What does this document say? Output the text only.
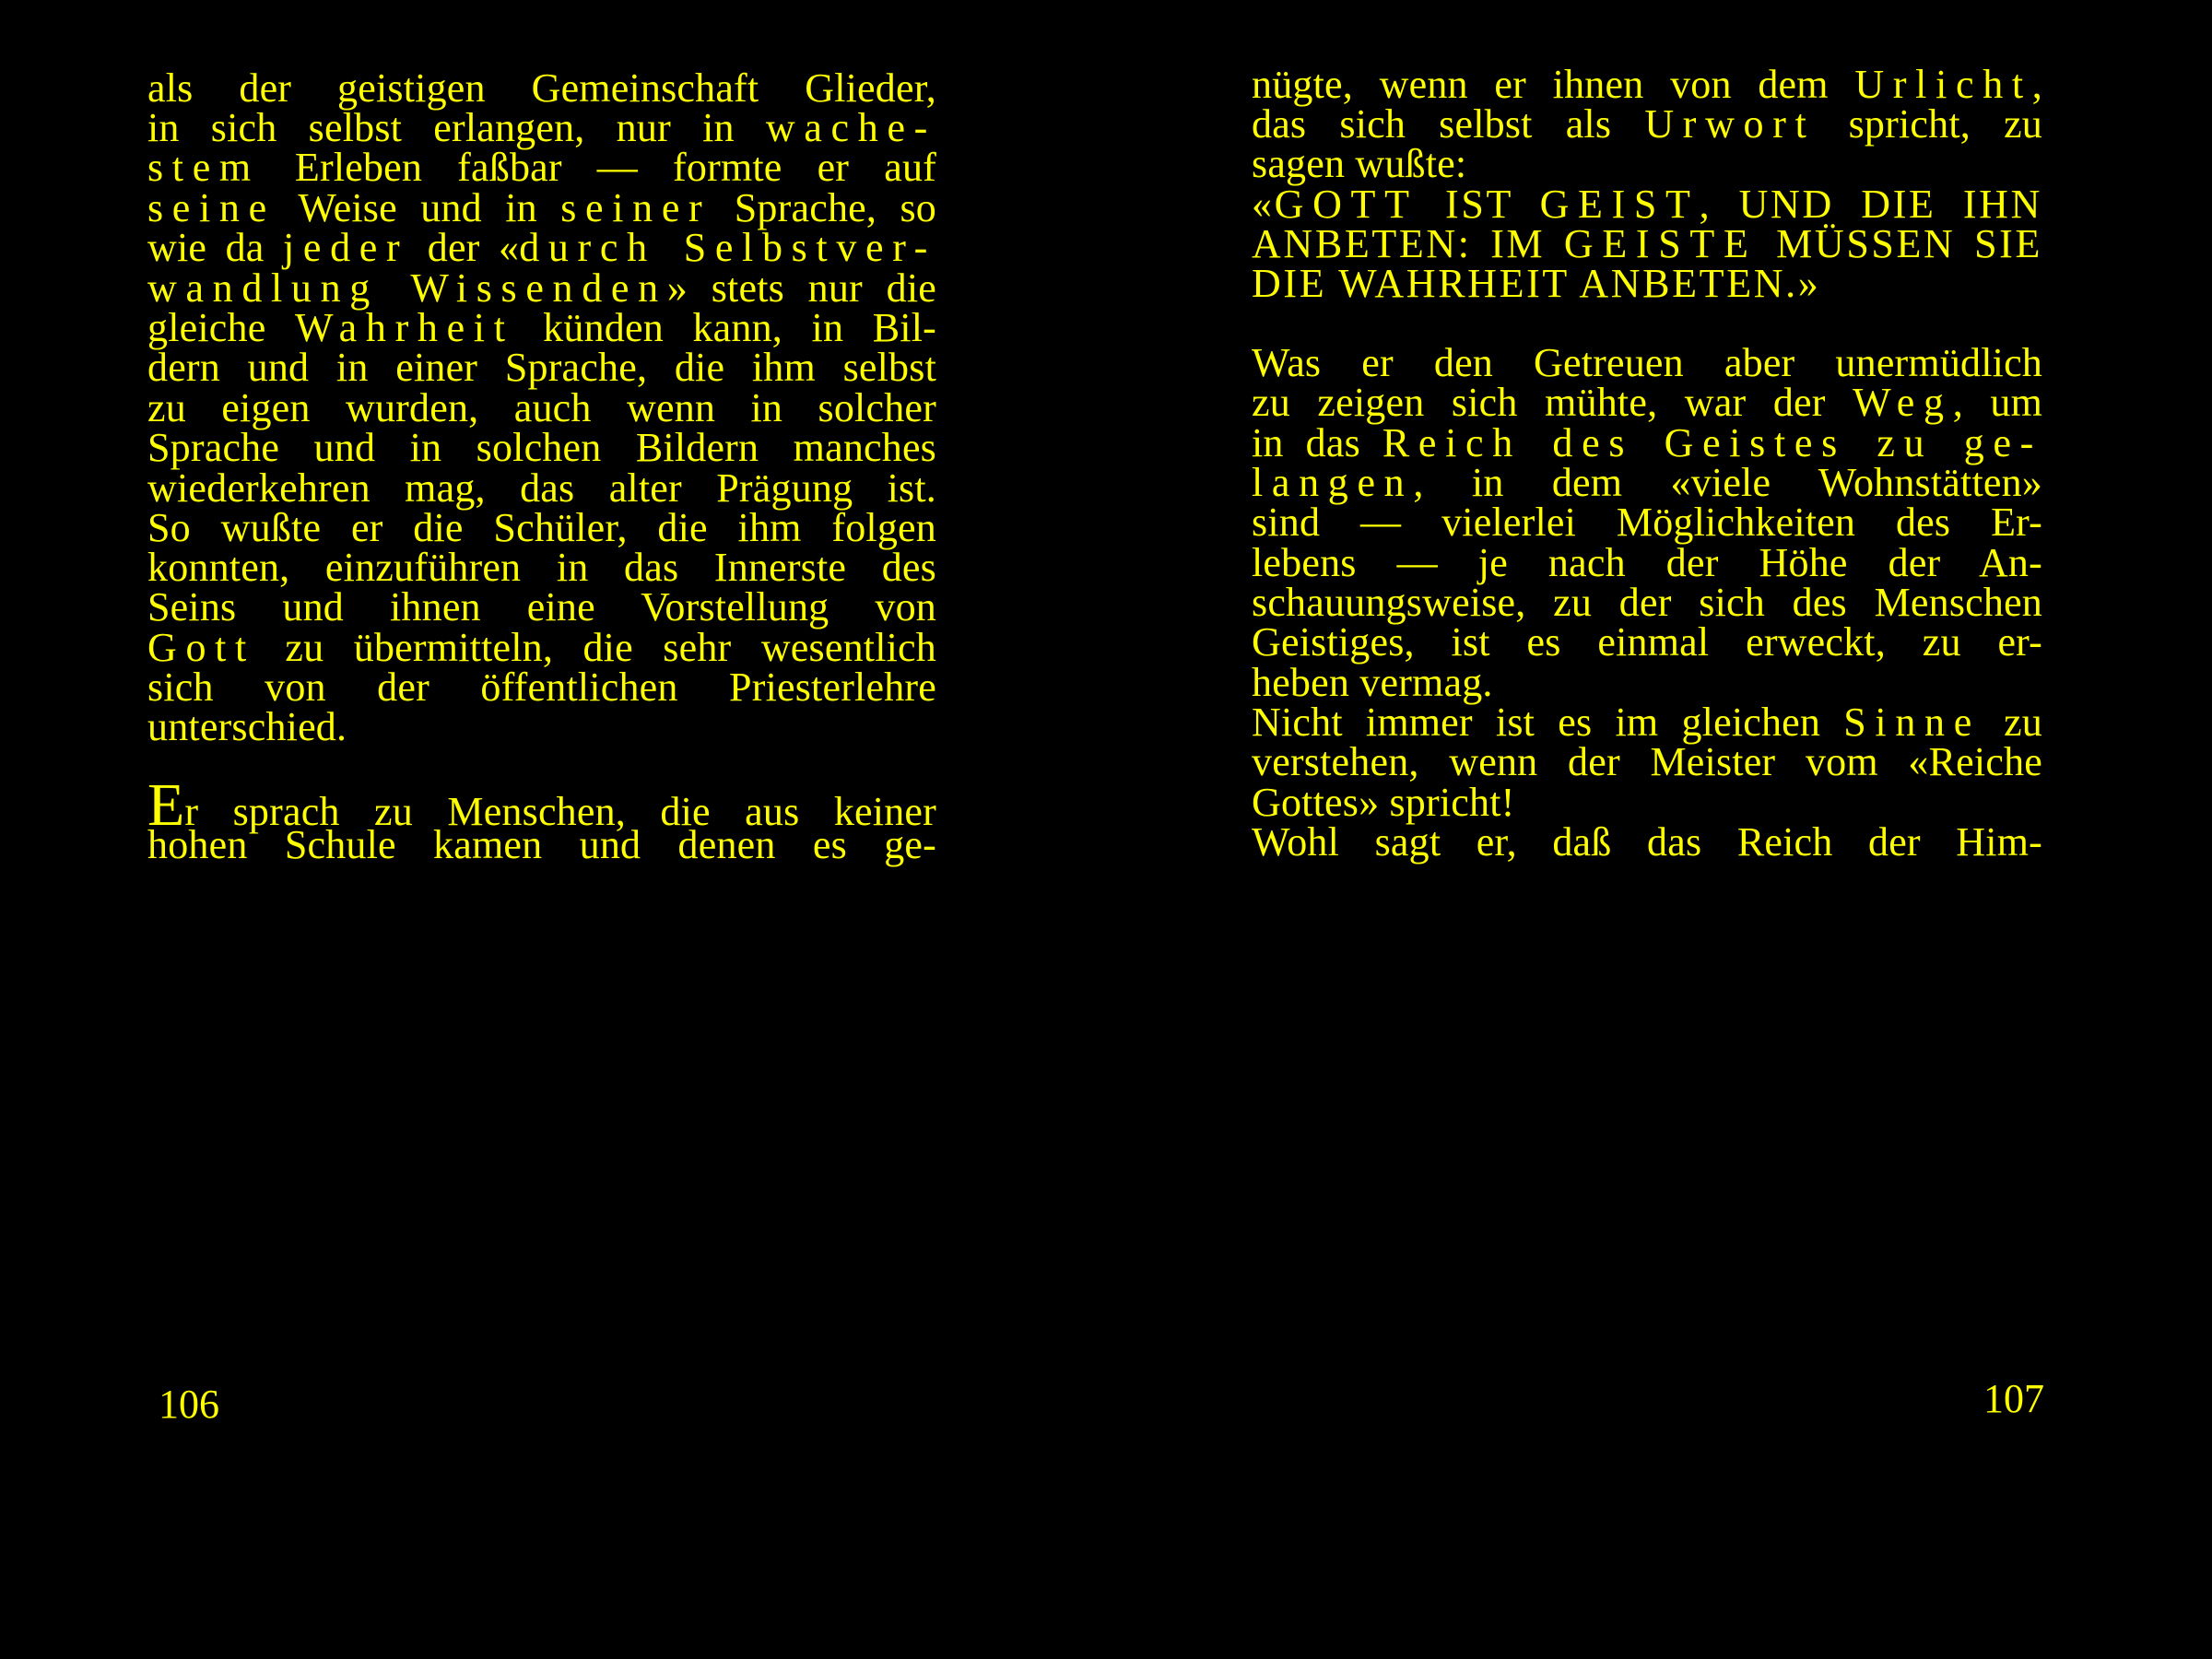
als der geistigen Gemeinschaft Glieder,
in sich selbst erlangen, nur in wache-
stem Erleben faßbar — formte er auf
seine Weise und in seiner Sprache, so
wie da jeder der «durch Selbstver-
wandlung Wissenden» stets nur die
gleiche Wahrheit künden kann, in Bil-
dern und in einer Sprache, die ihm selbst
zu eigen wurden, auch wenn in solcher
Sprache und in solchen Bildern manches
wiederkehren mag, das alter Prägung ist.
So wußte er die Schüler, die ihm folgen
konnten, einzuführen in das Innerste des
Seins und ihnen eine Vorstellung von
Gott zu übermitteln, die sehr wesentlich
sich von der öffentlichen Priesterlehre
unterschied.
Er sprach zu Menschen, die aus keiner
hohen Schule kamen und denen es ge-
106
nügte, wenn er ihnen von dem Urlicht,
das sich selbst als Urwort spricht, zu
sagen wußte:
«GOTT IST GEIST, UND DIE IHN
ANBETEN: IM GEISTE MÜSSEN SIE
DIE WAHRHEIT ANBETEN.»
Was er den Getreuen aber unermüdlich
zu zeigen sich mühte, war der Weg, um
in das Reich des Geistes zu ge-
langen, in dem «viele Wohnstätten»
sind — vielerlei Möglichkeiten des Er-
lebens — je nach der Höhe der An-
schauungsweise, zu der sich des Menschen
Geistiges, ist es einmal erweckt, zu er-
heben vermag.
Nicht immer ist es im gleichen Sinne zu
verstehen, wenn der Meister vom «Reiche
Gottes» spricht!
Wohl sagt er, daß das Reich der Him-
107
